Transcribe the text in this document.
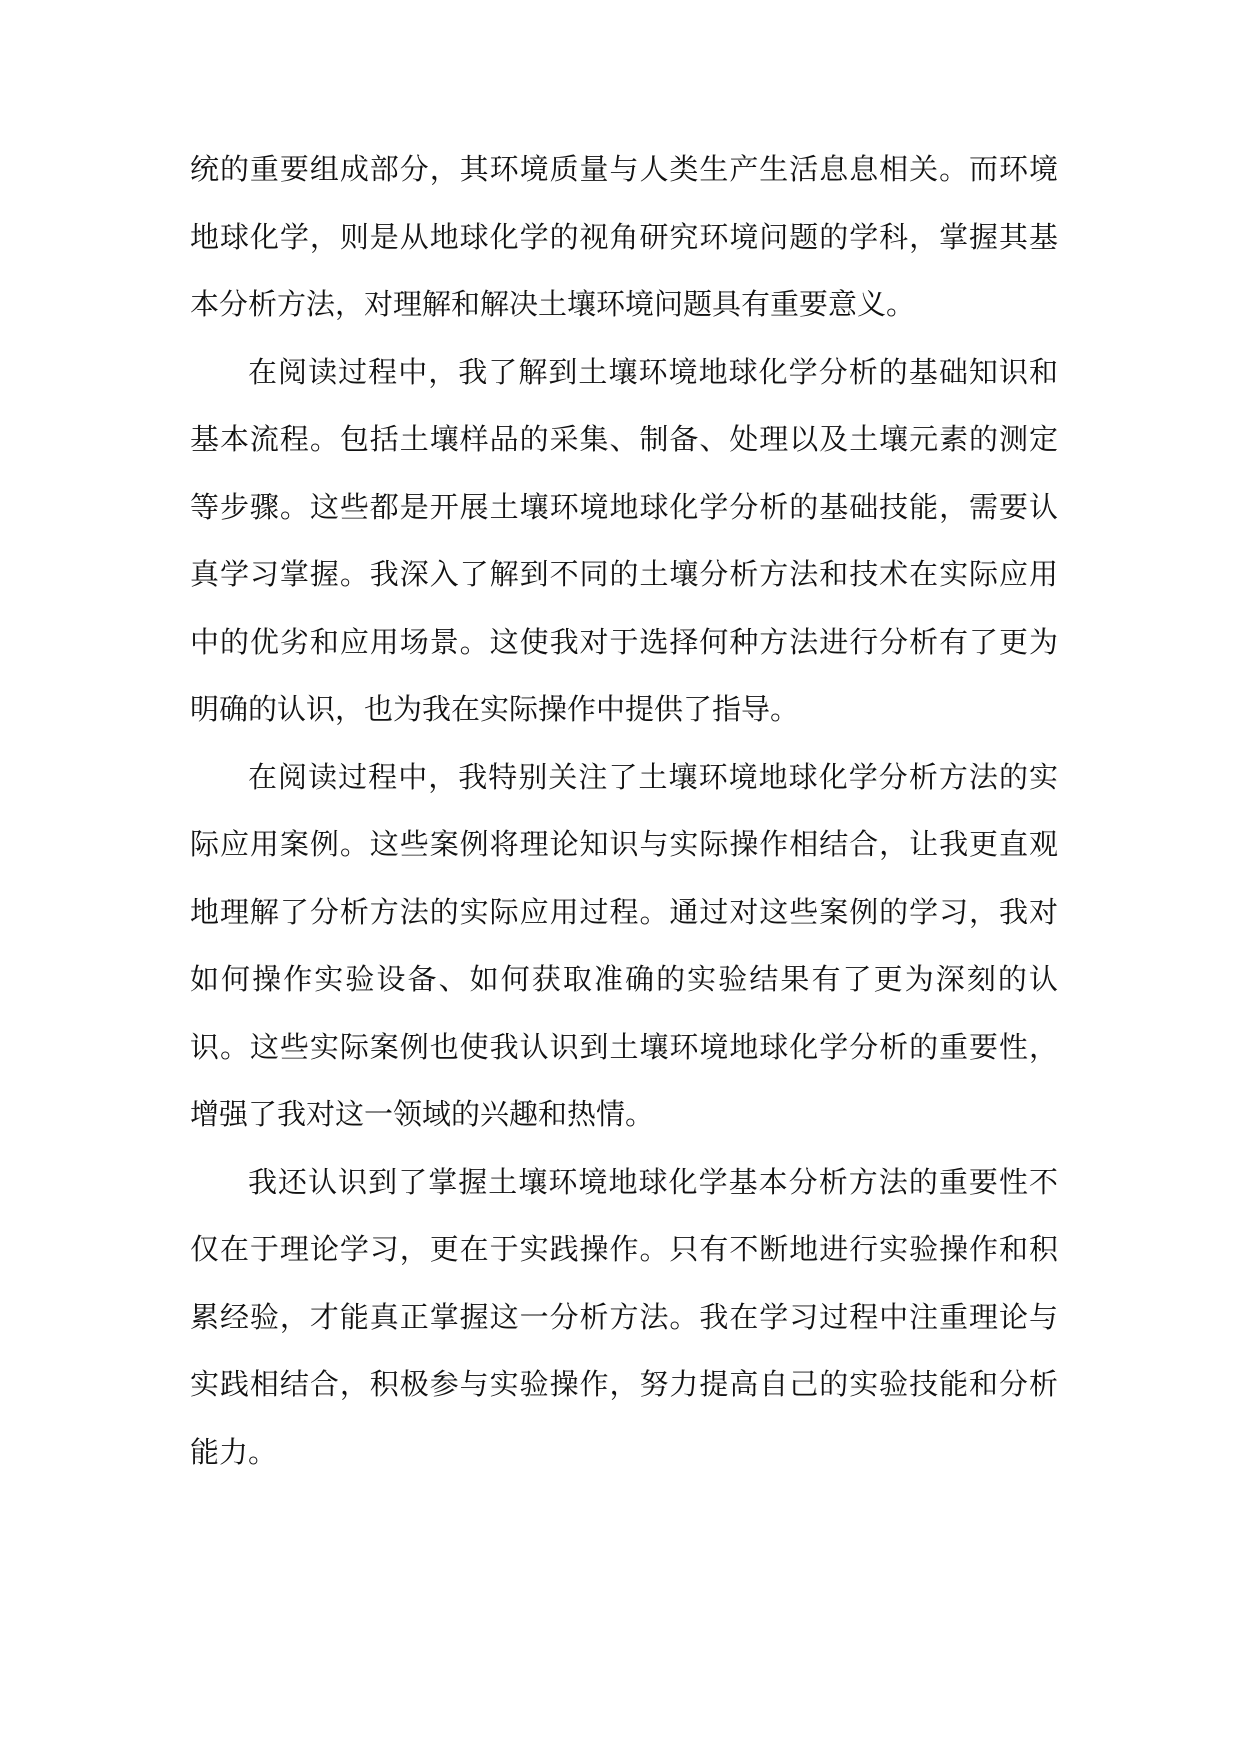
统的重要组成部分，其环境质量与人类生产生活息息相关。而环境地球化学，则是从地球化学的视角研究环境问题的学科，掌握其基本分析方法，对理解和解决土壤环境问题具有重要意义。

在阅读过程中，我了解到土壤环境地球化学分析的基础知识和基本流程。包括土壤样品的采集、制备、处理以及土壤元素的测定等步骤。这些都是开展土壤环境地球化学分析的基础技能，需要认真学习掌握。我深入了解到不同的土壤分析方法和技术在实际应用中的优劣和应用场景。这使我对于选择何种方法进行分析有了更为明确的认识，也为我在实际操作中提供了指导。

在阅读过程中，我特别关注了土壤环境地球化学分析方法的实际应用案例。这些案例将理论知识与实际操作相结合，让我更直观地理解了分析方法的实际应用过程。通过对这些案例的学习，我对如何操作实验设备、如何获取准确的实验结果有了更为深刻的认识。这些实际案例也使我认识到土壤环境地球化学分析的重要性，增强了我对这一领域的兴趣和热情。

我还认识到了掌握土壤环境地球化学基本分析方法的重要性不仅在于理论学习，更在于实践操作。只有不断地进行实验操作和积累经验，才能真正掌握这一分析方法。我在学习过程中注重理论与实践相结合，积极参与实验操作，努力提高自己的实验技能和分析能力。
